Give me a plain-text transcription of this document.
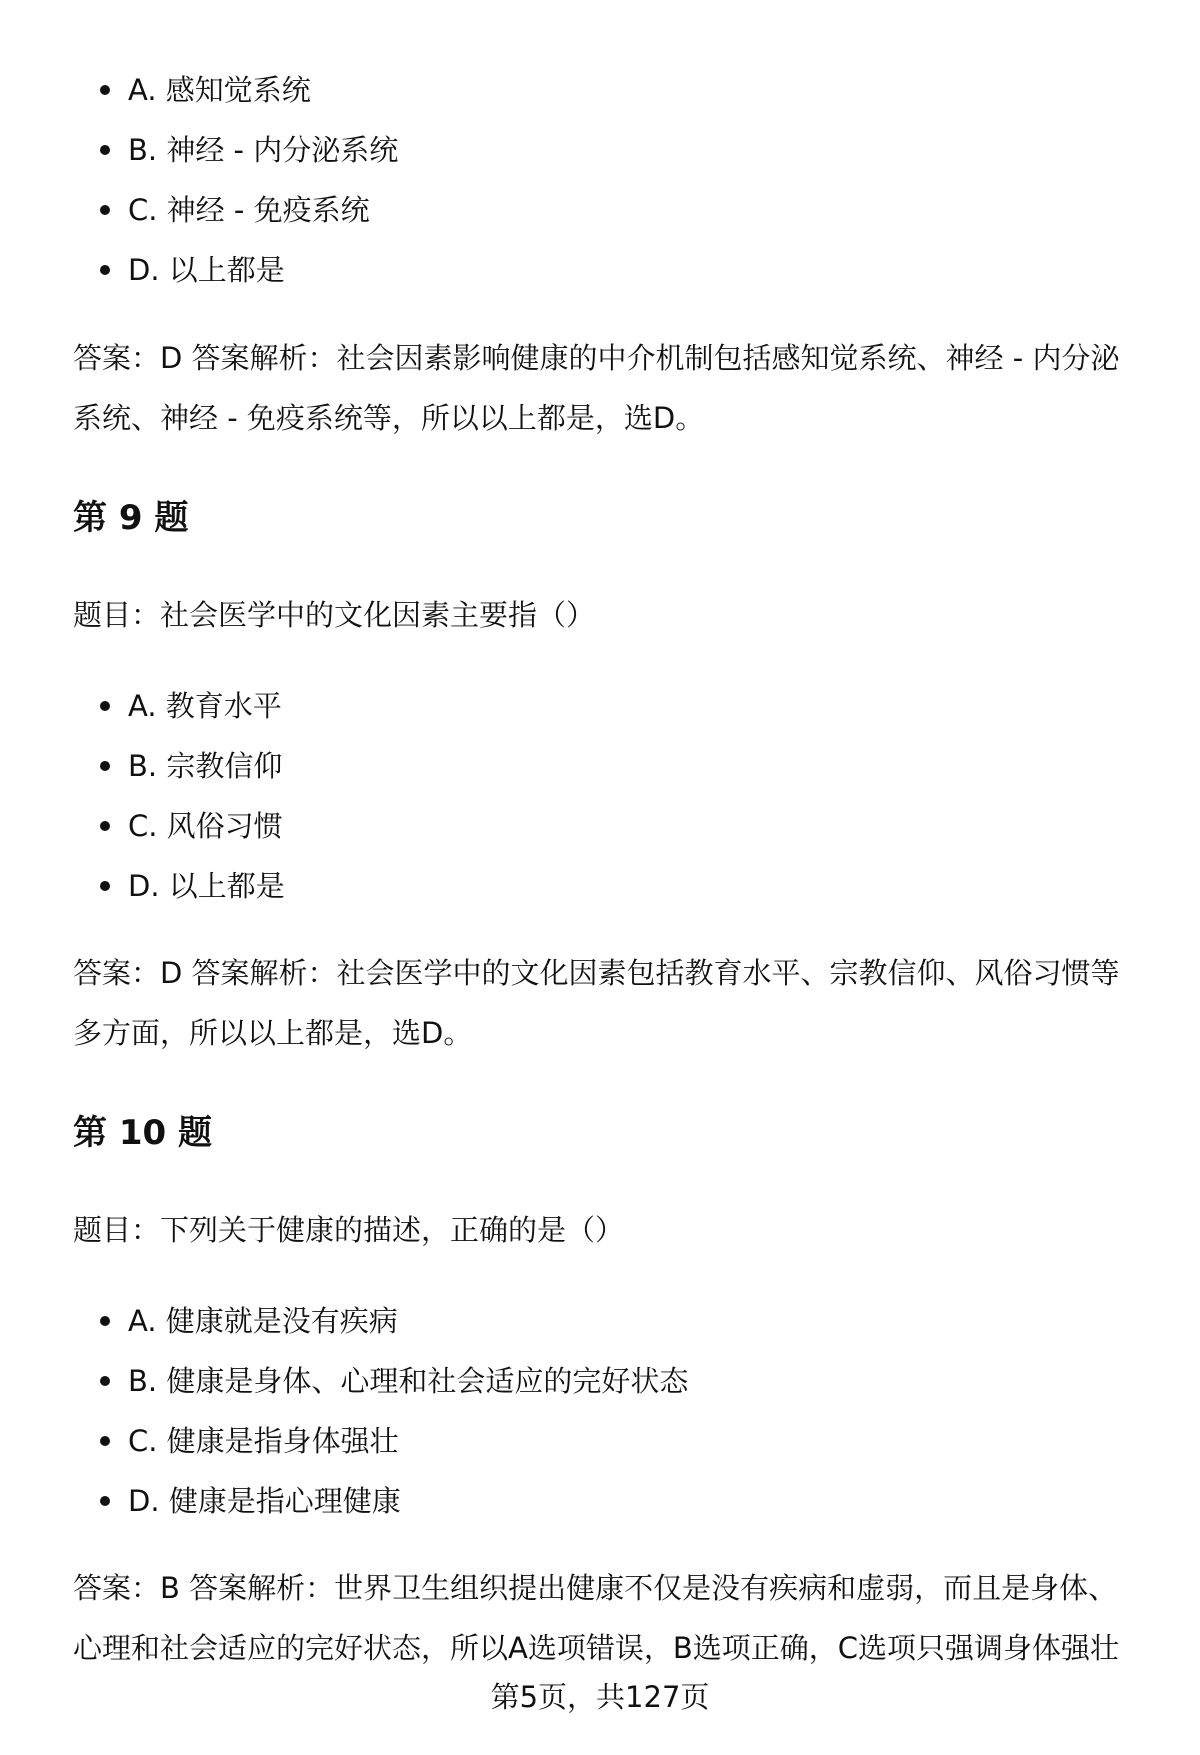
A. 感知觉系统
B. 神经 - 内分泌系统
C. 神经 - 免疫系统
D. 以上都是
答案：D 答案解析：社会因素影响健康的中介机制包括感知觉系统、神经 - 内分泌
系统、神经 - 免疫系统等，所以以上都是，选D。
第 9 题
题目：社会医学中的文化因素主要指（）
A. 教育水平
B. 宗教信仰
C. 风俗习惯
D. 以上都是
答案：D 答案解析：社会医学中的文化因素包括教育水平、宗教信仰、风俗习惯等
多方面，所以以上都是，选D。
第 10 题
题目：下列关于健康的描述，正确的是（）
A. 健康就是没有疾病
B. 健康是身体、心理和社会适应的完好状态
C. 健康是指身体强壮
D. 健康是指心理健康
答案：B 答案解析：世界卫生组织提出健康不仅是没有疾病和虚弱，而且是身体、
心理和社会适应的完好状态，所以A选项错误，B选项正确，C选项只强调身体强壮
第5页，共127页
